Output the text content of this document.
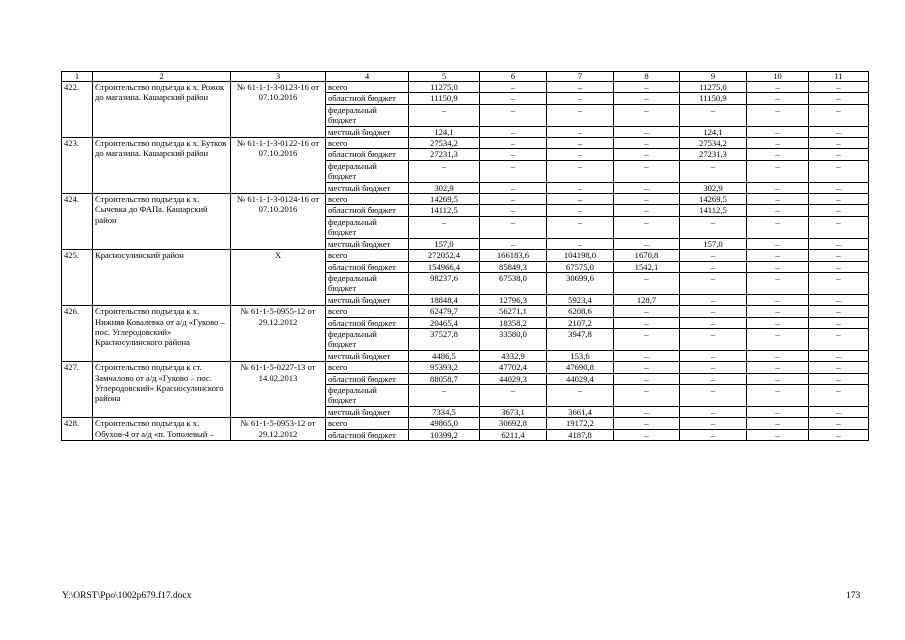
1	2	3	4	5	6	7	8	9	10	11
422.	Строительство подъезда к х. Рожок до магазина. Кашарский район	№ 61-1-1-3-0123-16 от 07.10.2016	всего	11275,0	–	–	–	11275,0	–	–
			областной бюджет	11150,9	–	–	–	11150,9	–	–
			федеральный бюджет	–	–	–	–	–	–	–
			местный бюджет	124,1	–	–	–	124,1	–	–
423.	Строительство подъезда к х. Бутков до магазина. Кашарский район	№ 61-1-1-3-0122-16 от 07.10.2016	всего	27534,2	–	–	–	27534,2	–	–
			областной бюджет	27231,3	–	–	–	27231,3	–	–
			федеральный бюджет	–	–	–	–	–	–	–
			местный бюджет	302,9	–	–	–	302,9	–	–
424.	Строительство подъезда к х. Сычевка до ФАПа. Кашарский район	№ 61-1-1-3-0124-16 от 07.10.2016	всего	14269,5	–	–	–	14269,5	–	–
			областной бюджет	14112,5	–	–	–	14112,5	–	–
			федеральный бюджет	–	–	–	–	–	–	–
			местный бюджет	157,0	–	–	–	157,0	–	–
425.	Красносулинский район	Х	всего	272052,4	166183,6	104198,0	1670,8	–	–	–
			областной бюджет	154966,4	85849,3	67575,0	1542,1	–	–	–
			федеральный бюджет	98237,6	67538,0	30699,6	–	–	–	–
			местный бюджет	18848,4	12796,3	5923,4	128,7	–	–	–
426.	Строительство подъезда к х. Нижняя Ковалевка от а/д «Гуково – пос. Углеродовский» Красносулинского района	№ 61-1-5-0955-12 от 29.12.2012	всего	62479,7	56271,1	6208,6	–	–	–	–
			областной бюджет	20465,4	18358,2	2107,2	–	–	–	–
			федеральный бюджет	37527,8	33580,0	3947,8	–	–	–	–
			местный бюджет	4486,5	4332,9	153,6	–	–	–	–
427.	Строительство подъезда к ст. Замчалово от а/д «Гуково – пос. Углеродовский» Красносулинского района	№ 61-1-5-0227-13 от 14.02.2013	всего	95393,2	47702,4	47690,8	–	–	–	–
			областной бюджет	88058,7	44029,3	44029,4	–	–	–	–
			федеральный бюджет	–	–	–	–	–	–	–
			местный бюджет	7334,5	3673,1	3661,4	–	–	–	–
428.	Строительство подъезда к х. Обухов-4 от а/д «п. Тополевый –	№ 61-1-5-0953-12 от 29.12.2012	всего	49865,0	30692,8	19172,2	–	–	–	–
			областной бюджет	10399,2	6211,4	4187,8	–	–	–	–
Y:\ORST\Ppo\1002p679.f17.docx	173
